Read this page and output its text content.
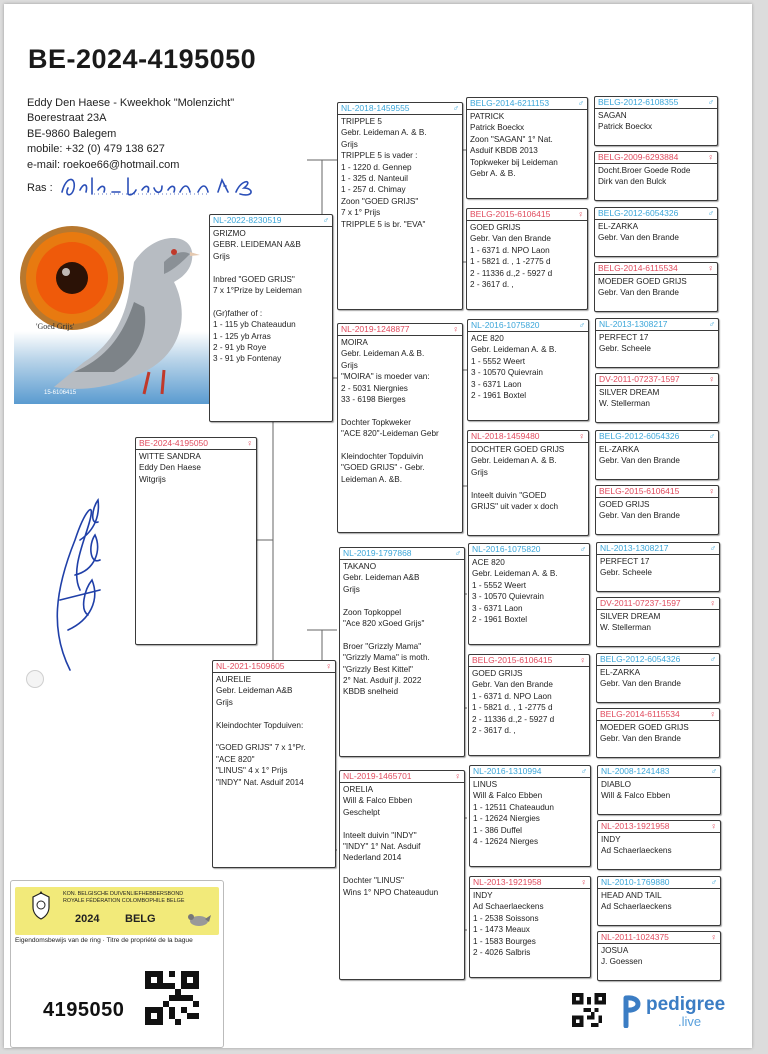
BE-2024-4195050
Eddy Den Haese - Kweekhok "Molenzicht"
Boerestraat 23A
BE-9860 Balegem
mobile: +32 (0) 479 138 627
e-mail: roekoe66@hotmail.com
Ras :
'Goed Grijs'
15-6106415
BE-2024-4195050	♀
WITTE SANDRA
Eddy Den Haese
Witgrijs
NL-2022-8230519	♂
GRIZMO
GEBR. LEIDEMAN A&B
Grijs
Inbred "GOED GRIJS"
7 x 1°Prize by Leideman
(Gr)father of :
1 - 115 yb Chateaudun
1 - 125 yb Arras
2 - 91 yb Roye
3 - 91 yb Fontenay
NL-2021-1509605	♀
AURELIE
Gebr. Leideman A&B
Grijs
Kleindochter Topduiven:
"GOED GRIJS" 7 x 1°Pr.
"ACE 820"
"LINUS" 4 x 1° Prijs
"INDY" Nat. Asduif 2014
NL-2018-1459555	♂
TRIPPLE 5
Gebr. Leideman A. & B.
Grijs
TRIPPLE 5 is vader :
1 - 1220 d. Gennep
1 - 325 d. Nanteuil
1 - 257 d. Chimay
Zoon "GOED GRIJS"
7 x 1° Prijs
TRIPPLE 5 is br. "EVA"
NL-2019-1248877	♀
MOIRA
Gebr. Leideman A.& B.
Grijs
"MOIRA" is moeder van:
2 - 5031 Niergnies
33 - 6198 Bierges
Dochter Topkweker
"ACE 820"-Leideman Gebr
Kleindochter Topduivin
"GOED GRIJS" - Gebr.
Leideman A. &B.
NL-2019-1797868	♂
TAKANO
Gebr. Leideman A&B
Grijs
Zoon Topkoppel
"Ace 820 xGoed Grijs"
Broer "Grizzly Mama"
"Grizzly Mama" is moth.
"Grizzly Best Kittel"
2° Nat. Asduif jl. 2022
KBDB snelheid
NL-2019-1465701	♀
ORELIA
Will & Falco Ebben
Geschelpt
Inteelt duivin "INDY"
"INDY" 1° Nat. Asduif
Nederland 2014
Dochter "LINUS"
Wins 1° NPO Chateaudun
BELG-2014-6211153	♂
PATRICK
Patrick Boeckx
Zoon "SAGAN" 1° Nat.
Asduif KBDB 2013
Topkweker bij Leideman
Gebr A. & B.
BELG-2015-6106415	♀
GOED GRIJS
Gebr. Van den Brande
1 - 6371 d. NPO Laon
1 - 5821 d. , 1 -2775 d
2 - 11336 d.,2 - 5927 d
2 - 3617 d. ,
NL-2016-1075820	♂
ACE 820
Gebr. Leideman A. & B.
1 - 5552 Weert
3 - 10570 Quievrain
3 - 6371 Laon
2 - 1961 Boxtel
NL-2018-1459480	♀
DOCHTER GOED GRIJS
Gebr. Leideman A. & B.
Grijs
Inteelt duivin "GOED
GRIJS" uit vader x doch
NL-2016-1075820	♂
ACE 820
Gebr. Leideman A. & B.
1 - 5552 Weert
3 - 10570 Quievrain
3 - 6371 Laon
2 - 1961 Boxtel
BELG-2015-6106415	♀
GOED GRIJS
Gebr. Van den Brande
1 - 6371 d. NPO Laon
1 - 5821 d. , 1 -2775 d
2 - 11336 d.,2 - 5927 d
2 - 3617 d. ,
NL-2016-1310994	♂
LINUS
Will & Falco Ebben
1 - 12511 Chateaudun
1 - 12624 Niergies
1 - 386 Duffel
4 - 12624 Nierges
NL-2013-1921958	♀
INDY
Ad Schaerlaeckens
1 - 2538 Soissons
1 - 1473 Meaux
1 - 1583 Bourges
2 - 4026 Salbris
BELG-2012-6108355	♂
SAGAN
Patrick Boeckx
BELG-2009-6293884	♀
Docht.Broer Goede Rode
Dirk van den Bulck
BELG-2012-6054326	♂
EL-ZARKA
Gebr. Van den Brande
BELG-2014-6115534	♀
MOEDER GOED GRIJS
Gebr. Van den Brande
NL-2013-1308217	♂
PERFECT 17
Gebr. Scheele
DV-2011-07237-1597	♀
SILVER DREAM
W. Stellerman
BELG-2012-6054326	♂
EL-ZARKA
Gebr. Van den Brande
BELG-2015-6106415	♀
GOED GRIJS
Gebr. Van den Brande
NL-2013-1308217	♂
PERFECT 17
Gebr. Scheele
DV-2011-07237-1597	♀
SILVER DREAM
W. Stellerman
BELG-2012-6054326	♂
EL-ZARKA
Gebr. Van den Brande
BELG-2014-6115534	♀
MOEDER GOED GRIJS
Gebr. Van den Brande
NL-2008-1241483	♂
DIABLO
Will & Falco Ebben
NL-2013-1921958	♀
INDY
Ad Schaerlaeckens
NL-2010-1769880	♂
HEAD AND TAIL
Ad Schaerlaeckens
NL-2011-1024375	♀
JOSUA
J. Goessen
KON. BELGISCHE DUIVENLIEFHEBBERSBOND
ROYALE FÉDÉRATION COLOMBOPHILE BELGE
2024 BELG
Eigendomsbewijs van de ring · Titre de propriété de la bague
4195050	pedigree
.live
